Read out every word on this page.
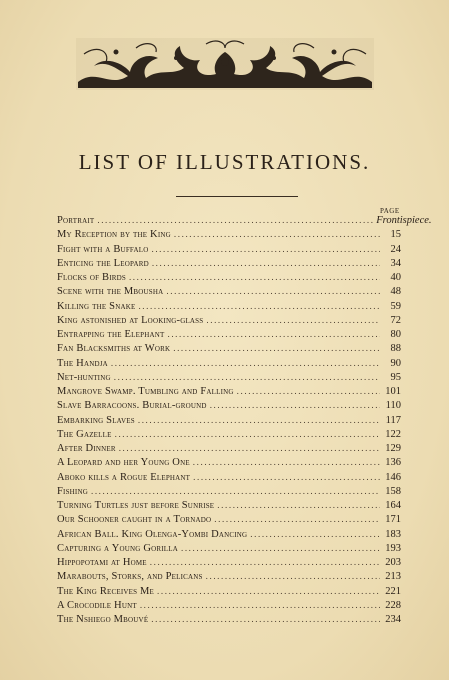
LIST OF ILLUSTRATIONS.
PAGE
Portrait .....	Frontispiece.
My Reception by the King .....	15
Fight with a Buffalo .....	24
Enticing the Leopard .....	34
Flocks of Birds .....	40
Scene with the Mbousha .....	48
Killing the Snake .....	59
King astonished at Looking-glass .....	72
Entrapping the Elephant .....	80
Fan Blacksmiths at Work .....	88
The Handja .....	90
Net-hunting .....	95
Mangrove Swamp. Tumbling and Falling .....	101
Slave Barracoons. Burial-ground .....	110
Embarking Slaves .....	117
The Gazelle .....	122
After Dinner .....	129
A Leopard and her Young One .....	136
Aboko kills a Rogue Elephant .....	146
Fishing .....	158
Turning Turtles just before Sunrise .....	164
Our Schooner caught in a Tornado .....	171
African Ball. King Olenga-Yombi Dancing .....	183
Capturing a Young Gorilla .....	193
Hippopotami at Home .....	203
Marabouts, Storks, and Pelicans .....	213
The King Receives Me .....	221
A Crocodile Hunt .....	228
The Nshiego Mbouvé .....	234
